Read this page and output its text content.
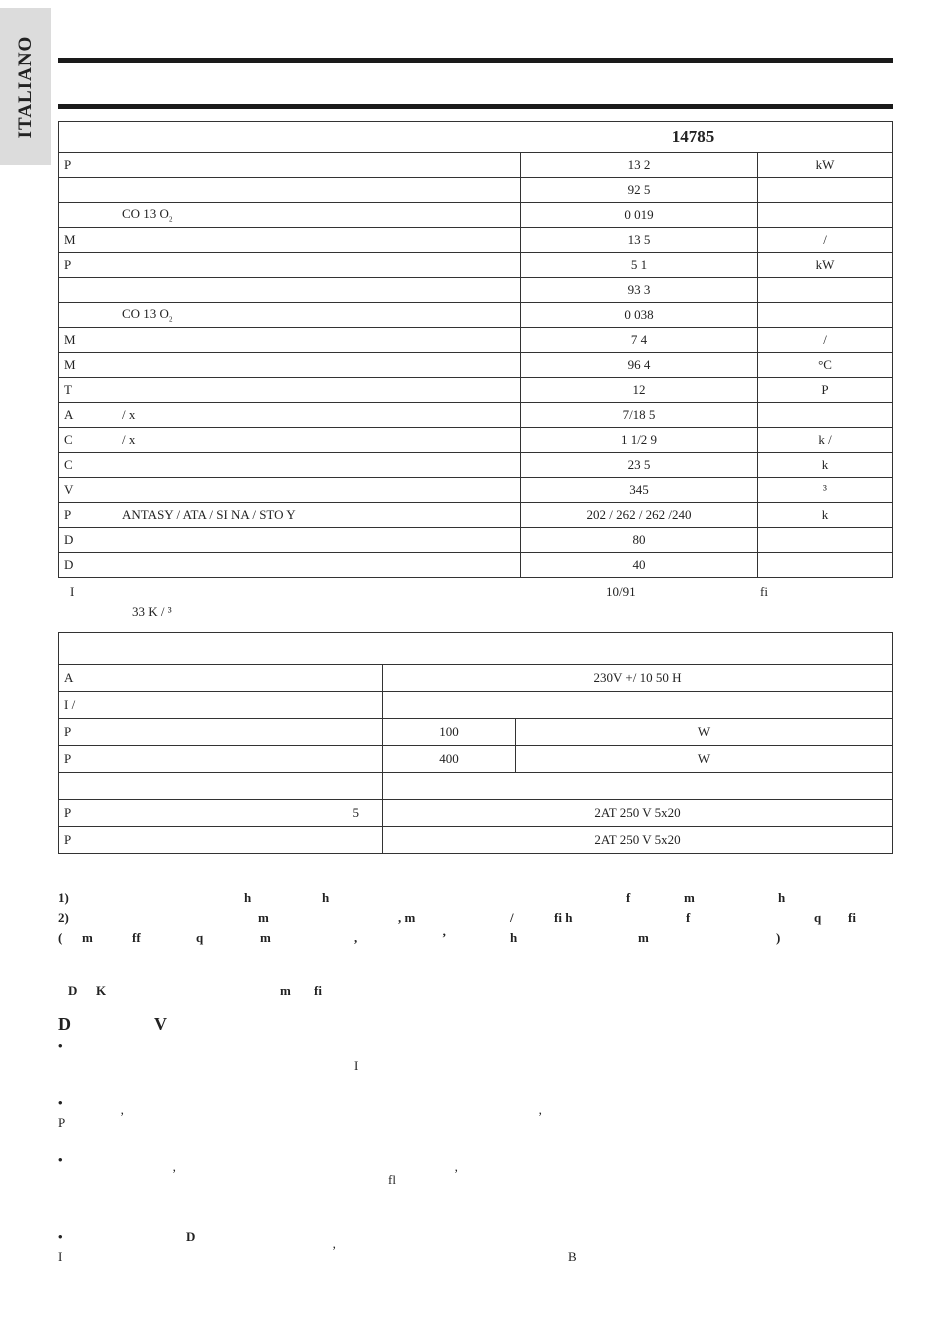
ITALIANO	14785		
P	13 2	kW
	92 5	
CO 13 $O_2$	0 019	
M	13 5	/
P	5 1	kW
	93 3	
CO 13 $O_2$	0 038	
M	7 4	/
M	96 4	°C
T	12	P
A / x	7/18 5	
C / x	1 1/2 9	k /
C	23 5	k
V	345	³
P ANTASY / ATA / SI NA / STO Y	202 / 262 / 262 /240	k
D	80	
D	40	
I	10/91	fi
33 K / ³

A	230V +/ 10 50 H	
I /		
P	100	W
P	400	W

P 5	2AT 250 V 5x20	
P	2AT 250 V 5x20	
1)	h	h	f	m	h
2)	m	, m	/	fi h	f	q fi
( m	ff	q	m	,	’	h	m	)
D K	m fi
D	V
•
I
•
P	’	’
•
’	fl	’
•	D
I	’	B
